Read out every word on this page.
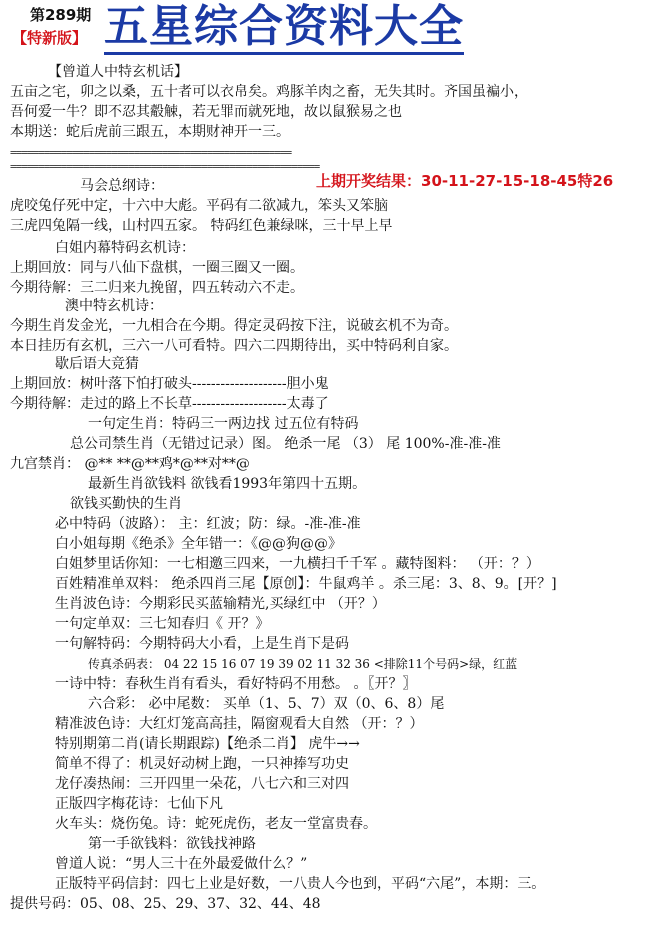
第289期
【特新版】 五星综合资料大全
【曾道人中特玄机话】
五亩之宅，卯之以桑，五十者可以衣帛矣。鸡豚羊肉之畜，无失其时。齐国虽褊小，
吾何爱一牛？即不忍其觳觫，若无罪而就死地，故以鼠猴易之也
本期送：蛇后虎前三跟五，本期财神开一三。
==================================================
=======================================================
上期开奖结果：30-11-27-15-18-45特26
马会总纲诗：
虎咬兔仔死中定，十六中大彪。平码有二欲减九，笨头又笨脑
三虎四兔隔一线，山村四五家。 特码红色兼绿咪，三十早上早
白姐内幕特码玄机诗：
上期回放：同与八仙下盘棋，一圈三圈又一圈。
今期待解：三二归来九挽留，四五转动六不走。
澳中特玄机诗：
今期生肖发金光，一九相合在今期。得定灵码按下注，说破玄机不为奇。
本日挂历有玄机，三六一八可看特。四六二四期待出，买中特码利自家。
歇后语大竞猜
上期回放：树叶落下怕打破头--------------------胆小鬼
今期待解：走过的路上不长草--------------------太毒了
一句定生肖：特码三一两边找 过五位有特码
总公司禁生肖（无错过记录）图。 绝杀一尾 （3） 尾 100%-准-准-准
九宫禁肖： @** **@**鸡*@**对**@
最新生肖欲钱料 欲钱看1993年第四十五期。
欲钱买勤快的生肖
必中特码（波路）： 主：红波；防：绿。-准-准-准
白小姐每期《绝杀》全年错一：《@@狗@@》
白姐梦里话你知：一七相邀三四来，一九横扫千千军 。藏特图料： （开：？）
百姓精准单双料： 绝杀四肖三尾【原创】：牛鼠鸡羊 。杀三尾：3、8、9。[开？]
生肖波色诗：今期彩民买蓝输精光,买绿红中 （开？）
一句定单双：三七知春归《 开？》
一句解特码：今期特码大小看，上是生肖下是码
传真杀码表： 04 22 15 16 07 19 39 02 11 32 36 <排除11个号码>绿，红蓝
一诗中特：春秋生肖有看头，看好特码不用愁。 。〖开？〗
六合彩： 必中尾数： 买单（1、5、7）双（0、6、8）尾
精准波色诗：大红灯笼高高挂，隔窗观看大自然 （开：？）
特别期第二肖(请长期跟踪)【绝杀二肖】 虎牛→→
简单不得了：机灵好动树上跑，一只神捧写功史
龙仔凑热闹：三开四里一朵花，八七六和三对四
正版四字梅花诗：七仙下凡
火车头：烧伤兔。诗：蛇死虎伤，老友一堂富贵春。
第一手欲钱料：欲钱找神路
曾道人说：“男人三十在外最爱做什么？”
正版特平码信封：四七上业是好数，一八贵人今也到，平码“六尾”，本期：三。
提供号码：05、08、25、29、37、32、44、48
